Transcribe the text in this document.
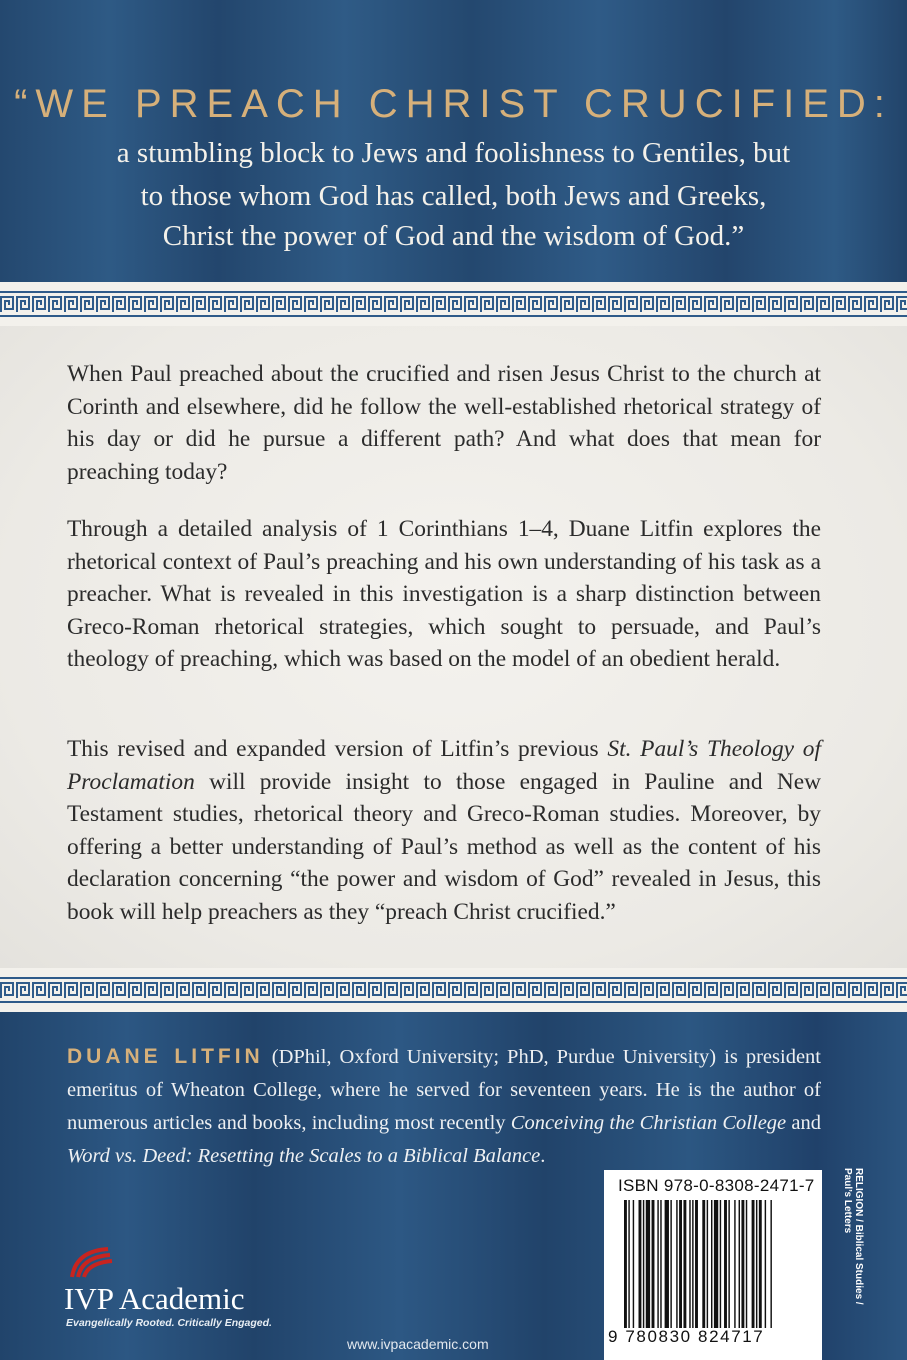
“WE PREACH CHRIST CRUCIFIED:
a stumbling block to Jews and foolishness to Gentiles, but
to those whom God has called, both Jews and Greeks,
Christ the power of God and the wisdom of God.”
When Paul preached about the crucified and risen Jesus Christ to the church at Corinth and elsewhere, did he follow the well-established rhetorical strategy of his day or did he pursue a different path? And what does that mean for preaching today?
Through a detailed analysis of 1 Corinthians 1–4, Duane Litfin explores the rhetorical context of Paul’s preaching and his own understanding of his task as a preacher. What is revealed in this investigation is a sharp distinction between Greco-Roman rhetorical strategies, which sought to persuade, and Paul’s theology of preaching, which was based on the model of an obedient herald.
This revised and expanded version of Litfin’s previous St. Paul’s Theology of Proclamation will provide insight to those engaged in Pauline and New Testament studies, rhetorical theory and Greco-Roman studies. Moreover, by offering a better understanding of Paul’s method as well as the content of his declaration concerning “the power and wisdom of God” revealed in Jesus, this book will help preachers as they “preach Christ crucified.”
DUANE LITFIN (DPhil, Oxford University; PhD, Purdue University) is president emeritus of Wheaton College, where he served for seventeen years. He is the author of numerous articles and books, including most recently Conceiving the Christian College and Word vs. Deed: Resetting the Scales to a Biblical Balance.
IVP Academic
Evangelically Rooted. Critically Engaged.
www.ivpacademic.com
ISBN 978-0-8308-2471-7
9 780830 824717
RELIGION / Biblical Studies /
Paul’s Letters
